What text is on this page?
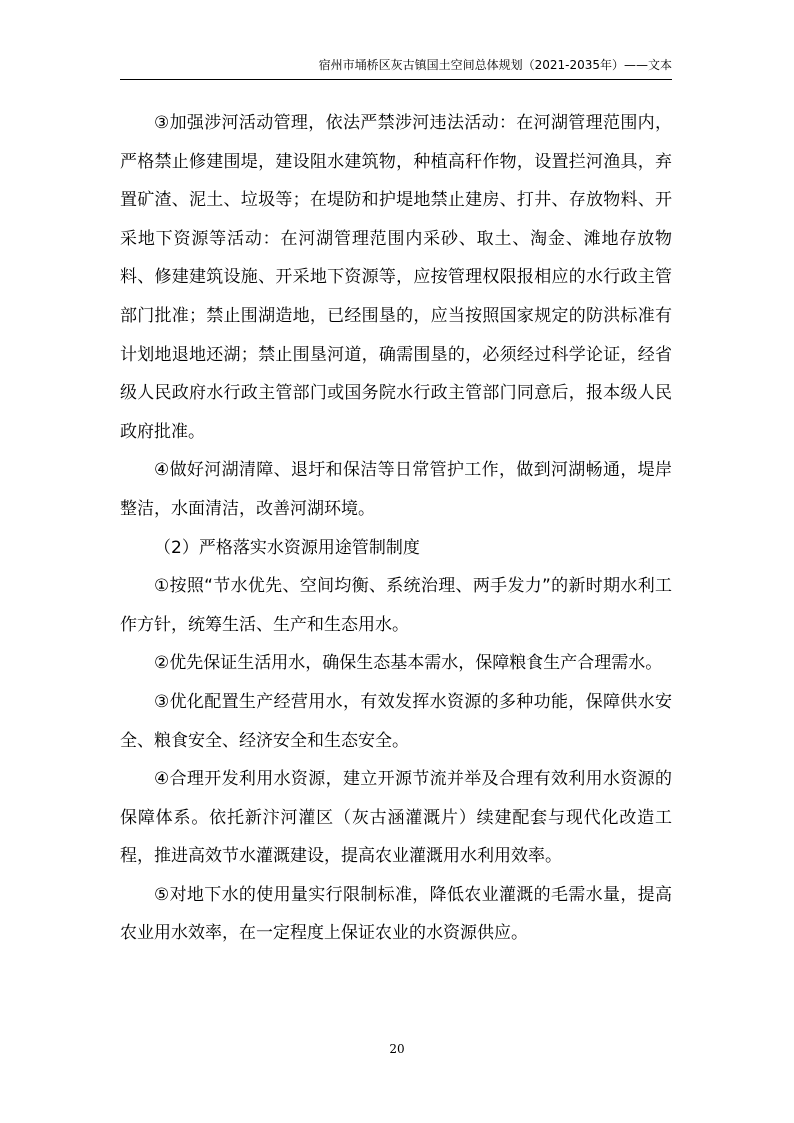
宿州市埇桥区灰古镇国土空间总体规划（2021-2035年）——文本

③加强涉河活动管理，依法严禁涉河违法活动：在河湖管理范围内，严格禁止修建围堤，建设阻水建筑物，种植高秆作物，设置拦河渔具，弃置矿渣、泥土、垃圾等；在堤防和护堤地禁止建房、打井、存放物料、开采地下资源等活动：在河湖管理范围内采砂、取土、淘金、滩地存放物料、修建建筑设施、开采地下资源等，应按管理权限报相应的水行政主管部门批准；禁止围湖造地，已经围垦的，应当按照国家规定的防洪标准有计划地退地还湖；禁止围垦河道，确需围垦的，必须经过科学论证，经省级人民政府水行政主管部门或国务院水行政主管部门同意后，报本级人民政府批准。

④做好河湖清障、退圩和保洁等日常管护工作，做到河湖畅通，堤岸整洁，水面清洁，改善河湖环境。

（2）严格落实水资源用途管制制度

①按照“节水优先、空间均衡、系统治理、两手发力”的新时期水利工作方针，统筹生活、生产和生态用水。

②优先保证生活用水，确保生态基本需水，保障粮食生产合理需水。

③优化配置生产经营用水，有效发挥水资源的多种功能，保障供水安全、粮食安全、经济安全和生态安全。

④合理开发利用水资源，建立开源节流并举及合理有效利用水资源的保障体系。依托新汴河灌区（灰古涵灌溉片）续建配套与现代化改造工程，推进高效节水灌溉建设，提高农业灌溉用水利用效率。

⑤对地下水的使用量实行限制标准，降低农业灌溉的毛需水量，提高农业用水效率，在一定程度上保证农业的水资源供应。

20
